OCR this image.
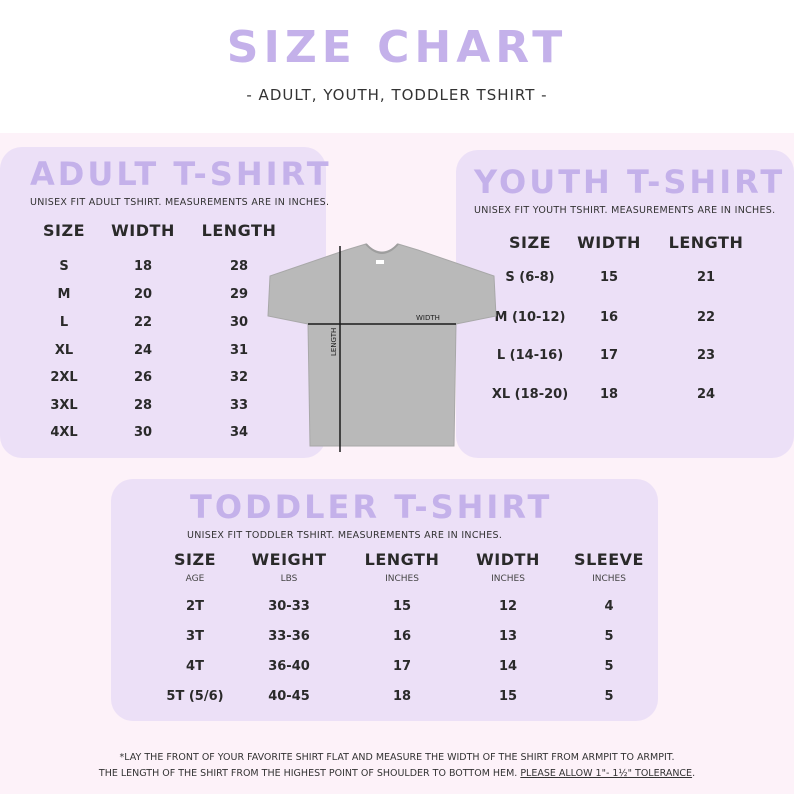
SIZE CHART
- ADULT, YOUTH, TODDLER TSHIRT -
ADULT T-SHIRT
UNISEX FIT ADULT TSHIRT. MEASUREMENTS ARE IN INCHES.
SIZE	WIDTH	LENGTH
S	18	28
M	20	29
L	22	30
XL	24	31
2XL	26	32
3XL	28	33
4XL	30	34
YOUTH T-SHIRT
UNISEX FIT YOUTH TSHIRT. MEASUREMENTS ARE IN INCHES.
SIZE	WIDTH	LENGTH
S (6-8)	15	21
M (10-12)	16	22
L (14-16)	17	23
XL (18-20)	18	24
WIDTH
LENGTH
TODDLER T-SHIRT
UNISEX FIT TODDLER TSHIRT. MEASUREMENTS ARE IN INCHES.
SIZE	WEIGHT	LENGTH	WIDTH	SLEEVE
AGE	LBS	INCHES	INCHES	INCHES
2T	30-33	15	12	4
3T	33-36	16	13	5
4T	36-40	17	14	5
5T (5/6)	40-45	18	15	5
*LAY THE FRONT OF YOUR FAVORITE SHIRT FLAT AND MEASURE THE WIDTH OF THE SHIRT FROM ARMPIT TO ARMPIT.
THE LENGTH OF THE SHIRT FROM THE HIGHEST POINT OF SHOULDER TO BOTTOM HEM. PLEASE ALLOW 1"- 1½" TOLERANCE.
